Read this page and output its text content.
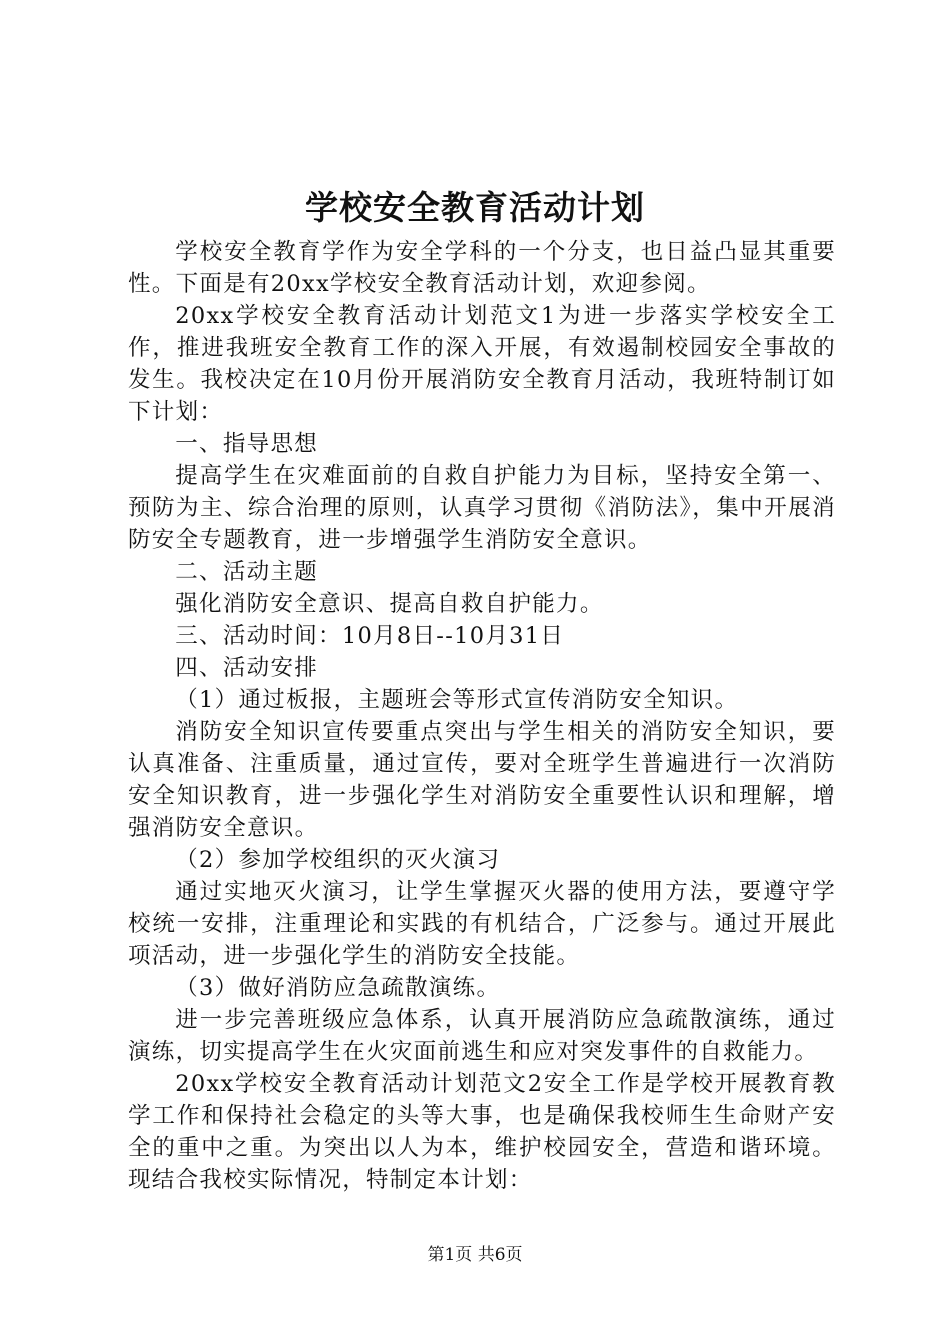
学校安全教育活动计划

学校安全教育学作为安全学科的一个分支，也日益凸显其重要性。下面是有20xx学校安全教育活动计划，欢迎参阅。

20xx学校安全教育活动计划范文1为进一步落实学校安全工作，推进我班安全教育工作的深入开展，有效遏制校园安全事故的发生。我校决定在10月份开展消防安全教育月活动，我班特制订如下计划：

一、指导思想

提高学生在灾难面前的自救自护能力为目标，坚持安全第一、预防为主、综合治理的原则，认真学习贯彻《消防法》，集中开展消防安全专题教育，进一步增强学生消防安全意识。

二、活动主题

强化消防安全意识、提高自救自护能力。

三、活动时间：10月8日--10月31日

四、活动安排

（1）通过板报，主题班会等形式宣传消防安全知识。

消防安全知识宣传要重点突出与学生相关的消防安全知识，要认真准备、注重质量，通过宣传，要对全班学生普遍进行一次消防安全知识教育，进一步强化学生对消防安全重要性认识和理解，增强消防安全意识。

（2）参加学校组织的灭火演习

通过实地灭火演习，让学生掌握灭火器的使用方法，要遵守学校统一安排，注重理论和实践的有机结合，广泛参与。通过开展此项活动，进一步强化学生的消防安全技能。

（3）做好消防应急疏散演练。

进一步完善班级应急体系，认真开展消防应急疏散演练，通过演练，切实提高学生在火灾面前逃生和应对突发事件的自救能力。

20xx学校安全教育活动计划范文2安全工作是学校开展教育教学工作和保持社会稳定的头等大事，也是确保我校师生生命财产安全的重中之重。为突出以人为本，维护校园安全，营造和谐环境。现结合我校实际情况，特制定本计划：

第1页 共6页
